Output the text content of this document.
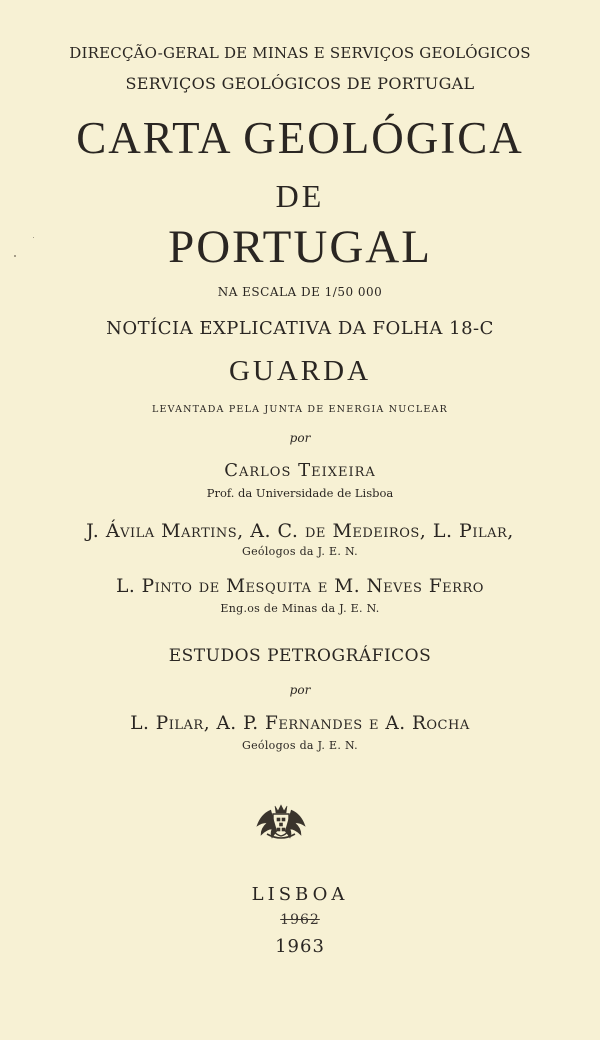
DIRECÇÃO-GERAL DE MINAS E SERVIÇOS GEOLÓGICOS
SERVIÇOS GEOLÓGICOS DE PORTUGAL
CARTA GEOLÓGICA
DE
PORTUGAL
NA ESCALA DE 1/50 000
NOTÍCIA EXPLICATIVA DA FOLHA 18-C
GUARDA
LEVANTADA PELA JUNTA DE ENERGIA NUCLEAR
por
Carlos Teixeira
Prof. da Universidade de Lisboa
J. Ávila Martins, A. C. de Medeiros, L. Pilar,
Geólogos da J. E. N.
L. Pinto de Mesquita e M. Neves Ferro
Eng.os de Minas da J. E. N.
ESTUDOS PETROGRÁFICOS
por
L. Pilar, A. P. Fernandes e A. Rocha
Geólogos da J. E. N.
LISBOA
1962
1963
